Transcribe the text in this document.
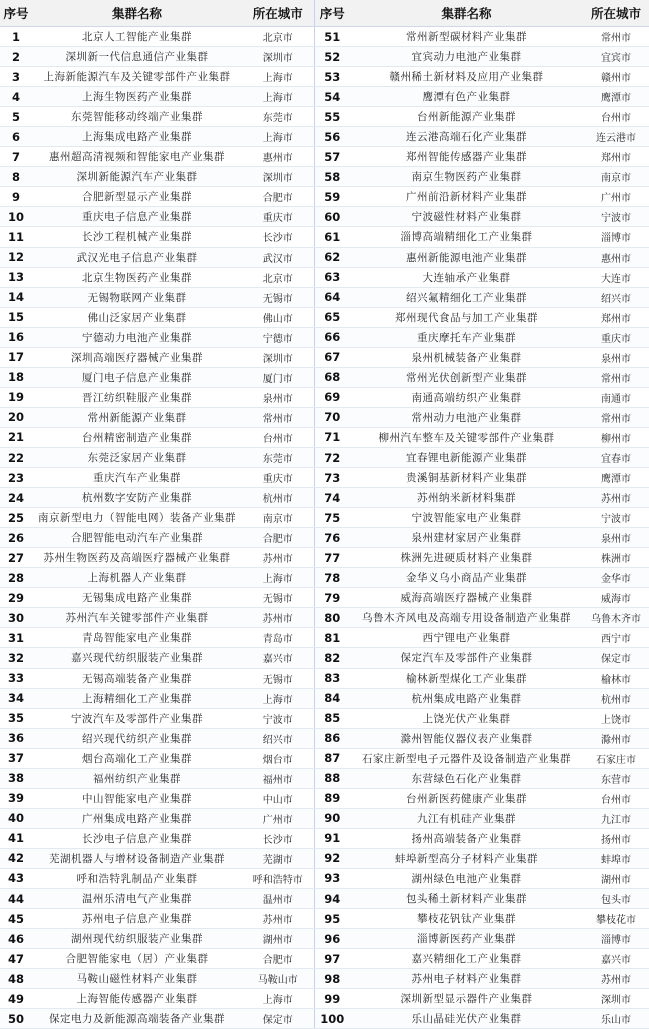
序号	集群名称	所在城市	序号	集群名称	所在城市
1	北京人工智能产业集群	北京市	51	常州新型碳材料产业集群	常州市
2	深圳新一代信息通信产业集群	深圳市	52	宜宾动力电池产业集群	宜宾市
3	上海新能源汽车及关键零部件产业集群	上海市	53	赣州稀土新材料及应用产业集群	赣州市
4	上海生物医药产业集群	上海市	54	鹰潭有色产业集群	鹰潭市
5	东莞智能移动终端产业集群	东莞市	55	台州新能源产业集群	台州市
6	上海集成电路产业集群	上海市	56	连云港高端石化产业集群	连云港市
7	惠州超高清视频和智能家电产业集群	惠州市	57	郑州智能传感器产业集群	郑州市
8	深圳新能源汽车产业集群	深圳市	58	南京生物医药产业集群	南京市
9	合肥新型显示产业集群	合肥市	59	广州前沿新材料产业集群	广州市
10	重庆电子信息产业集群	重庆市	60	宁波磁性材料产业集群	宁波市
11	长沙工程机械产业集群	长沙市	61	淄博高端精细化工产业集群	淄博市
12	武汉光电子信息产业集群	武汉市	62	惠州新能源电池产业集群	惠州市
13	北京生物医药产业集群	北京市	63	大连轴承产业集群	大连市
14	无锡物联网产业集群	无锡市	64	绍兴氟精细化工产业集群	绍兴市
15	佛山泛家居产业集群	佛山市	65	郑州现代食品与加工产业集群	郑州市
16	宁德动力电池产业集群	宁德市	66	重庆摩托车产业集群	重庆市
17	深圳高端医疗器械产业集群	深圳市	67	泉州机械装备产业集群	泉州市
18	厦门电子信息产业集群	厦门市	68	常州光伏创新型产业集群	常州市
19	晋江纺织鞋服产业集群	泉州市	69	南通高端纺织产业集群	南通市
20	常州新能源产业集群	常州市	70	常州动力电池产业集群	常州市
21	台州精密制造产业集群	台州市	71	柳州汽车整车及关键零部件产业集群	柳州市
22	东莞泛家居产业集群	东莞市	72	宜春锂电新能源产业集群	宜春市
23	重庆汽车产业集群	重庆市	73	贵溪铜基新材料产业集群	鹰潭市
24	杭州数字安防产业集群	杭州市	74	苏州纳米新材料集群	苏州市
25	南京新型电力（智能电网）装备产业集群	南京市	75	宁波智能家电产业集群	宁波市
26	合肥智能电动汽车产业集群	合肥市	76	泉州建材家居产业集群	泉州市
27	苏州生物医药及高端医疗器械产业集群	苏州市	77	株洲先进硬质材料产业集群	株洲市
28	上海机器人产业集群	上海市	78	金华义乌小商品产业集群	金华市
29	无锡集成电路产业集群	无锡市	79	威海高端医疗器械产业集群	威海市
30	苏州汽车关键零部件产业集群	苏州市	80	乌鲁木齐风电及高端专用设备制造产业集群	乌鲁木齐市
31	青岛智能家电产业集群	青岛市	81	西宁锂电产业集群	西宁市
32	嘉兴现代纺织服装产业集群	嘉兴市	82	保定汽车及零部件产业集群	保定市
33	无锡高端装备产业集群	无锡市	83	榆林新型煤化工产业集群	榆林市
34	上海精细化工产业集群	上海市	84	杭州集成电路产业集群	杭州市
35	宁波汽车及零部件产业集群	宁波市	85	上饶光伏产业集群	上饶市
36	绍兴现代纺织产业集群	绍兴市	86	滁州智能仪器仪表产业集群	滁州市
37	烟台高端化工产业集群	烟台市	87	石家庄新型电子元器件及设备制造产业集群	石家庄市
38	福州纺织产业集群	福州市	88	东营绿色石化产业集群	东营市
39	中山智能家电产业集群	中山市	89	台州新医药健康产业集群	台州市
40	广州集成电路产业集群	广州市	90	九江有机硅产业集群	九江市
41	长沙电子信息产业集群	长沙市	91	扬州高端装备产业集群	扬州市
42	芜湖机器人与增材设备制造产业集群	芜湖市	92	蚌埠新型高分子材料产业集群	蚌埠市
43	呼和浩特乳制品产业集群	呼和浩特市	93	湖州绿色电池产业集群	湖州市
44	温州乐清电气产业集群	温州市	94	包头稀土新材料产业集群	包头市
45	苏州电子信息产业集群	苏州市	95	攀枝花钒钛产业集群	攀枝花市
46	湖州现代纺织服装产业集群	湖州市	96	淄博新医药产业集群	淄博市
47	合肥智能家电（居）产业集群	合肥市	97	嘉兴精细化工产业集群	嘉兴市
48	马鞍山磁性材料产业集群	马鞍山市	98	苏州电子材料产业集群	苏州市
49	上海智能传感器产业集群	上海市	99	深圳新型显示器件产业集群	深圳市
50	保定电力及新能源高端装备产业集群	保定市	100	乐山晶硅光伏产业集群	乐山市
